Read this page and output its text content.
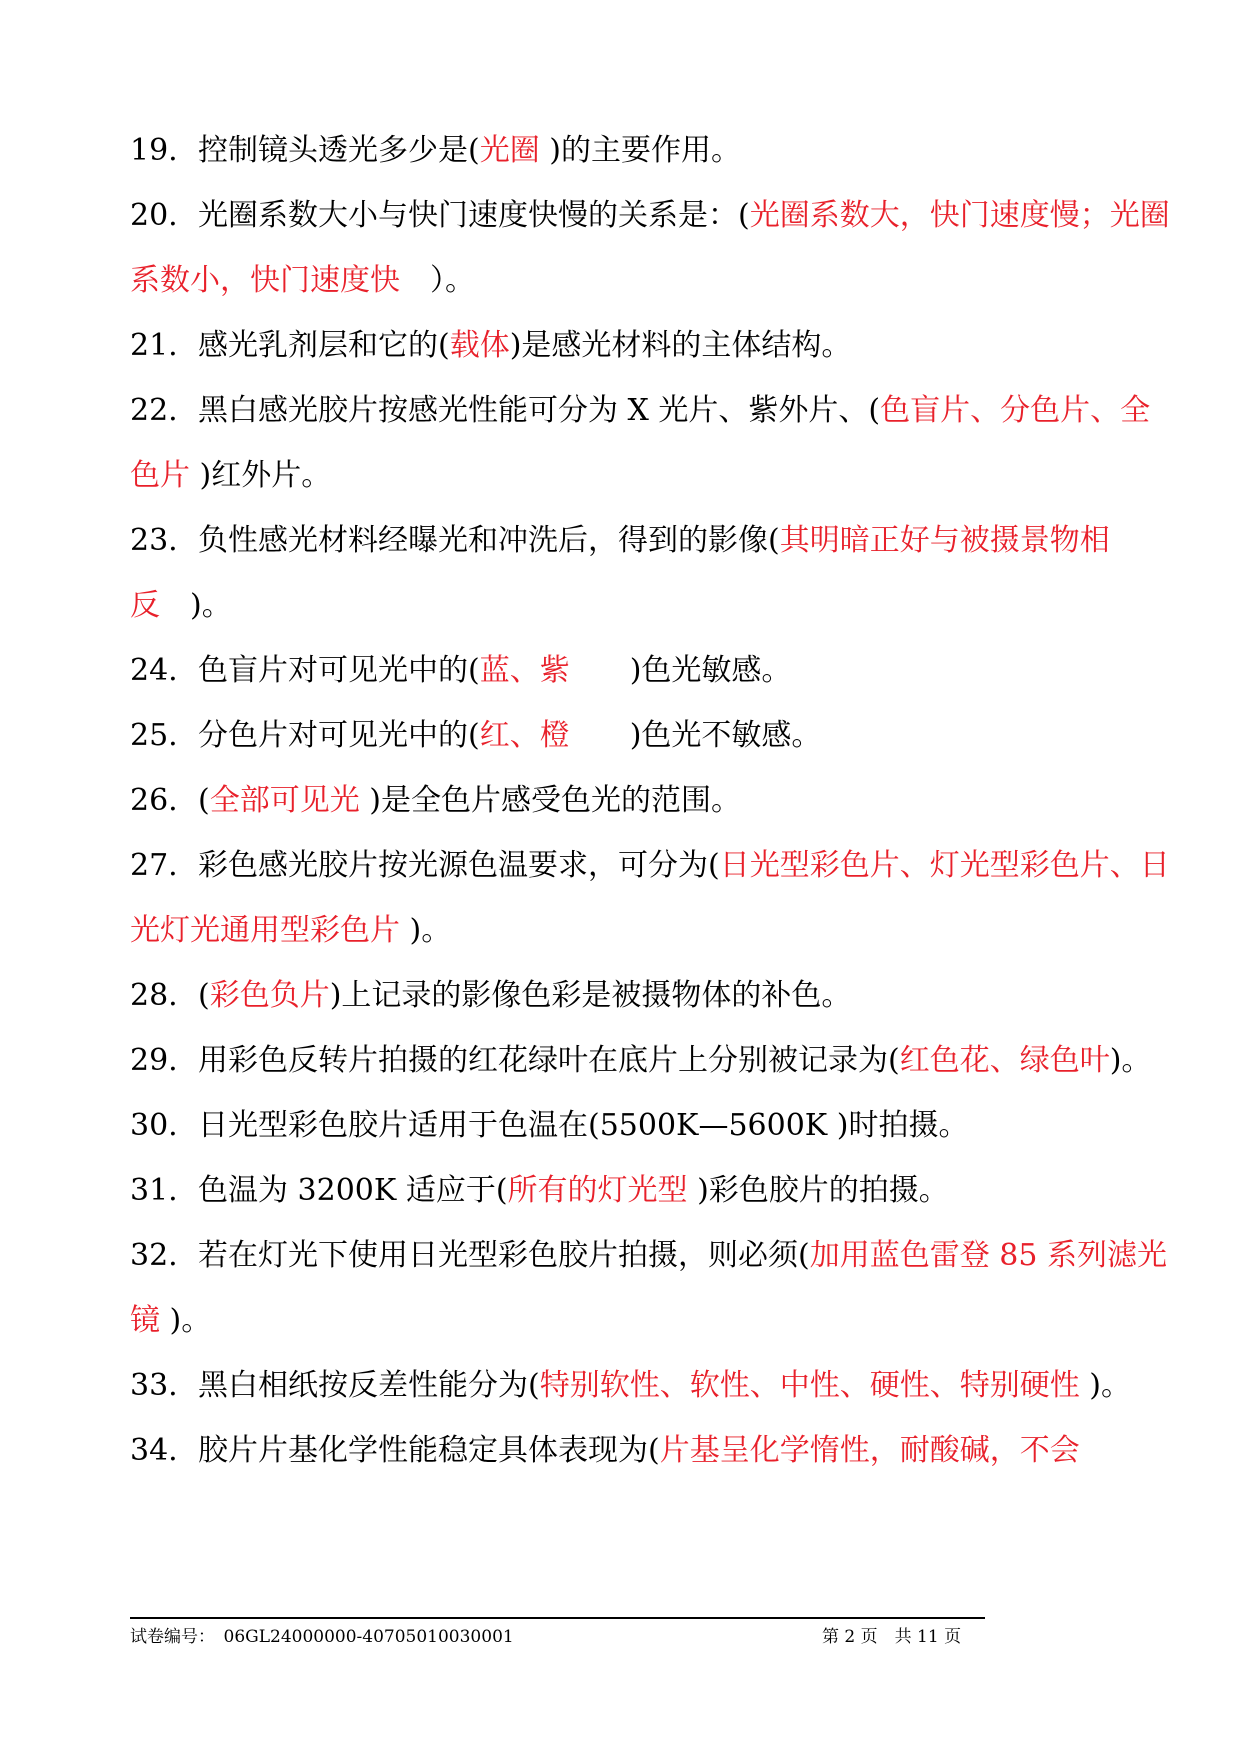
19. 控制镜头透光多少是(光圈 )的主要作用。

20. 光圈系数大小与快门速度快慢的关系是：(光圈系数大，快门速度慢；光圈系数小，快门速度快　）。

21. 感光乳剂层和它的(载体)是感光材料的主体结构。

22. 黑白感光胶片按感光性能可分为 X 光片、紫外片、(色盲片、分色片、全色片 )红外片。

23. 负性感光材料经曝光和冲洗后，得到的影像(其明暗正好与被摄景物相反　)。

24. 色盲片对可见光中的(蓝、紫　　)色光敏感。

25. 分色片对可见光中的(红、橙　　)色光不敏感。

26. (全部可见光 )是全色片感受色光的范围。

27. 彩色感光胶片按光源色温要求，可分为(日光型彩色片、灯光型彩色片、日光灯光通用型彩色片 )。

28. (彩色负片)上记录的影像色彩是被摄物体的补色。

29. 用彩色反转片拍摄的红花绿叶在底片上分别被记录为(红色花、绿色叶)。

30. 日光型彩色胶片适用于色温在(5500K—5600K )时拍摄。

31. 色温为 3200K 适应于(所有的灯光型 )彩色胶片的拍摄。

32. 若在灯光下使用日光型彩色胶片拍摄，则必须(加用蓝色雷登 85 系列滤光镜 )。

33. 黑白相纸按反差性能分为(特别软性、软性、中性、硬性、特别硬性 )。

34. 胶片片基化学性能稳定具体表现为(片基呈化学惰性，耐酸碱，不会

试卷编号：　06GL24000000-40705010030001	第 2 页　共 11 页
